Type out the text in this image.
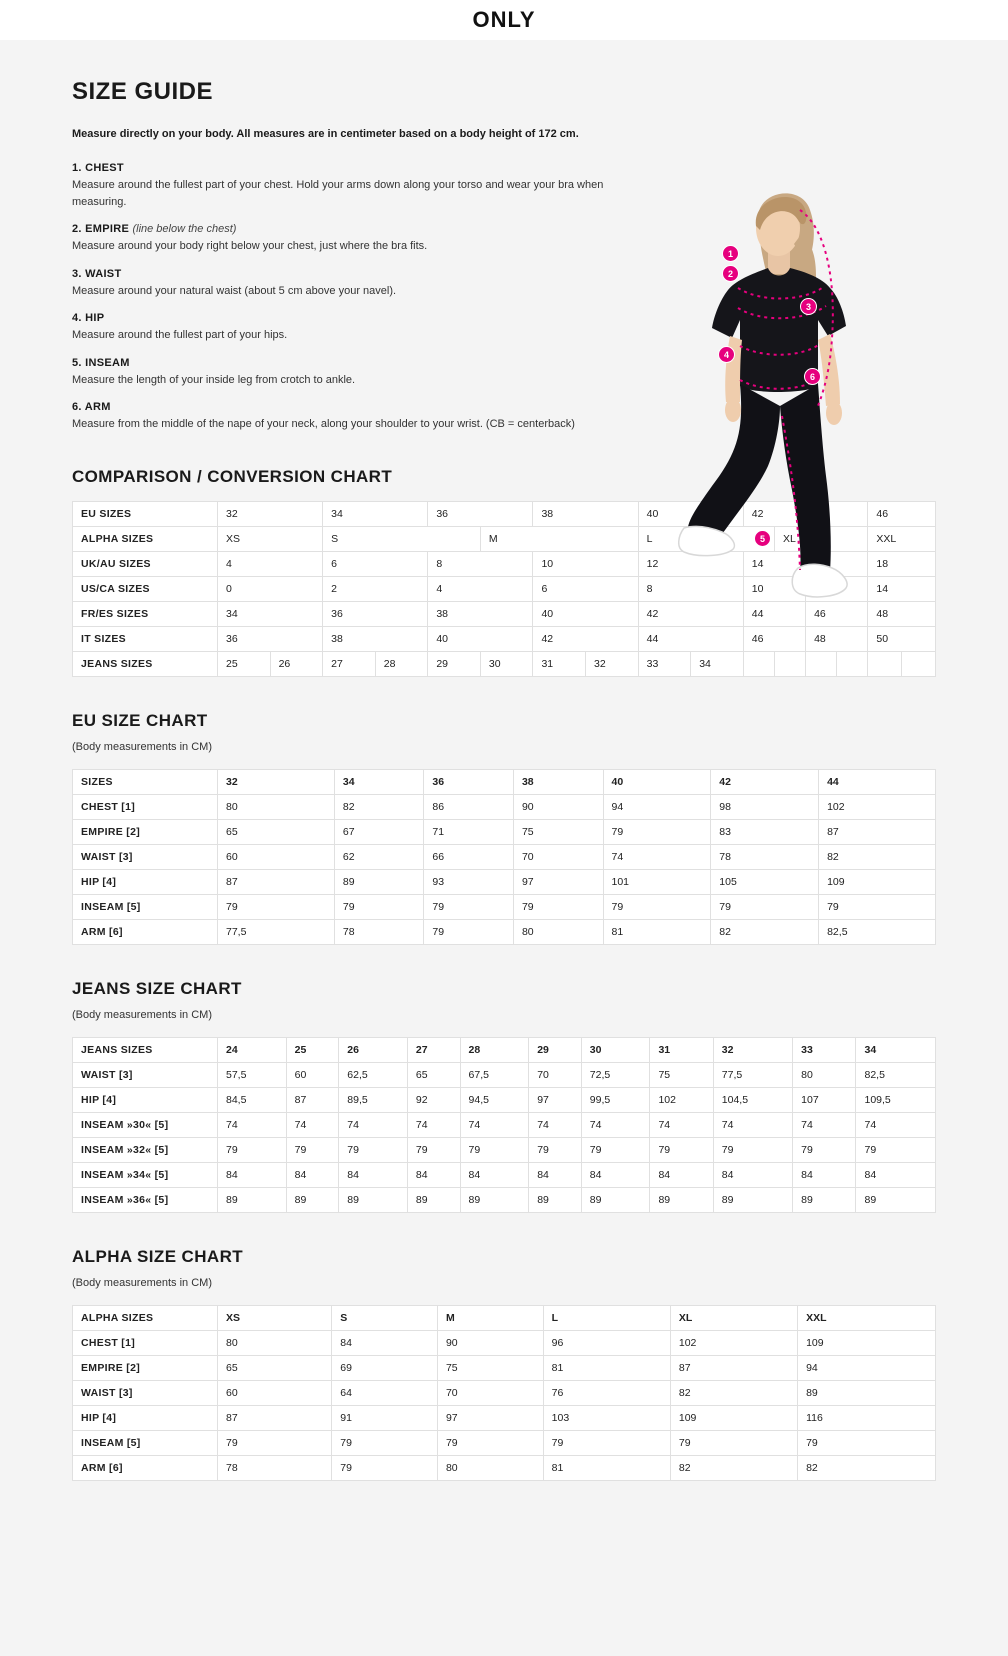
ONLY
SIZE GUIDE
Measure directly on your body. All measures are in centimeter based on a body height of 172 cm.
1. CHEST
Measure around the fullest part of your chest. Hold your arms down along your torso and wear your bra when measuring.
2. EMPIRE (line below the chest)
Measure around your body right below your chest, just where the bra fits.
3. WAIST
Measure around your natural waist (about 5 cm above your navel).
4. HIP
Measure around the fullest part of your hips.
5. INSEAM
Measure the length of your inside leg from crotch to ankle.
6. ARM
Measure from the middle of the nape of your neck, along your shoulder to your wrist. (CB = centerback)
1
2
3
4
5
6
COMPARISON / CONVERSION CHART
EU SIZES	32		34		36		38		40		42				46	
ALPHA SIZES	XS		S			M			L			XL			XXL	
UK/AU SIZES	4		6		8		10		12		14				18	
US/CA SIZES	0		2		4		6		8		10				14	
FR/ES SIZES	34		36		38		40		42		44		46		48	
IT SIZES	36		38		40		42		44		46		48		50	
JEANS SIZES	25	26	27	28	29	30	31	32	33	34						
EU SIZE CHART
(Body measurements in CM)
SIZES	32	34	36	38	40	42	44
CHEST [1]	80	82	86	90	94	98	102
EMPIRE [2]	65	67	71	75	79	83	87
WAIST [3]	60	62	66	70	74	78	82
HIP [4]	87	89	93	97	101	105	109
INSEAM [5]	79	79	79	79	79	79	79
ARM [6]	77,5	78	79	80	81	82	82,5
JEANS SIZE CHART
(Body measurements in CM)
JEANS SIZES	24	25	26	27	28	29	30	31	32	33	34
WAIST [3]	57,5	60	62,5	65	67,5	70	72,5	75	77,5	80	82,5
HIP [4]	84,5	87	89,5	92	94,5	97	99,5	102	104,5	107	109,5
INSEAM »30« [5]	74	74	74	74	74	74	74	74	74	74	74
INSEAM »32« [5]	79	79	79	79	79	79	79	79	79	79	79
INSEAM »34« [5]	84	84	84	84	84	84	84	84	84	84	84
INSEAM »36« [5]	89	89	89	89	89	89	89	89	89	89	89
ALPHA SIZE CHART
(Body measurements in CM)
ALPHA SIZES	XS	S	M	L	XL	XXL
CHEST [1]	80	84	90	96	102	109
EMPIRE [2]	65	69	75	81	87	94
WAIST [3]	60	64	70	76	82	89
HIP [4]	87	91	97	103	109	116
INSEAM [5]	79	79	79	79	79	79
ARM [6]	78	79	80	81	82	82
